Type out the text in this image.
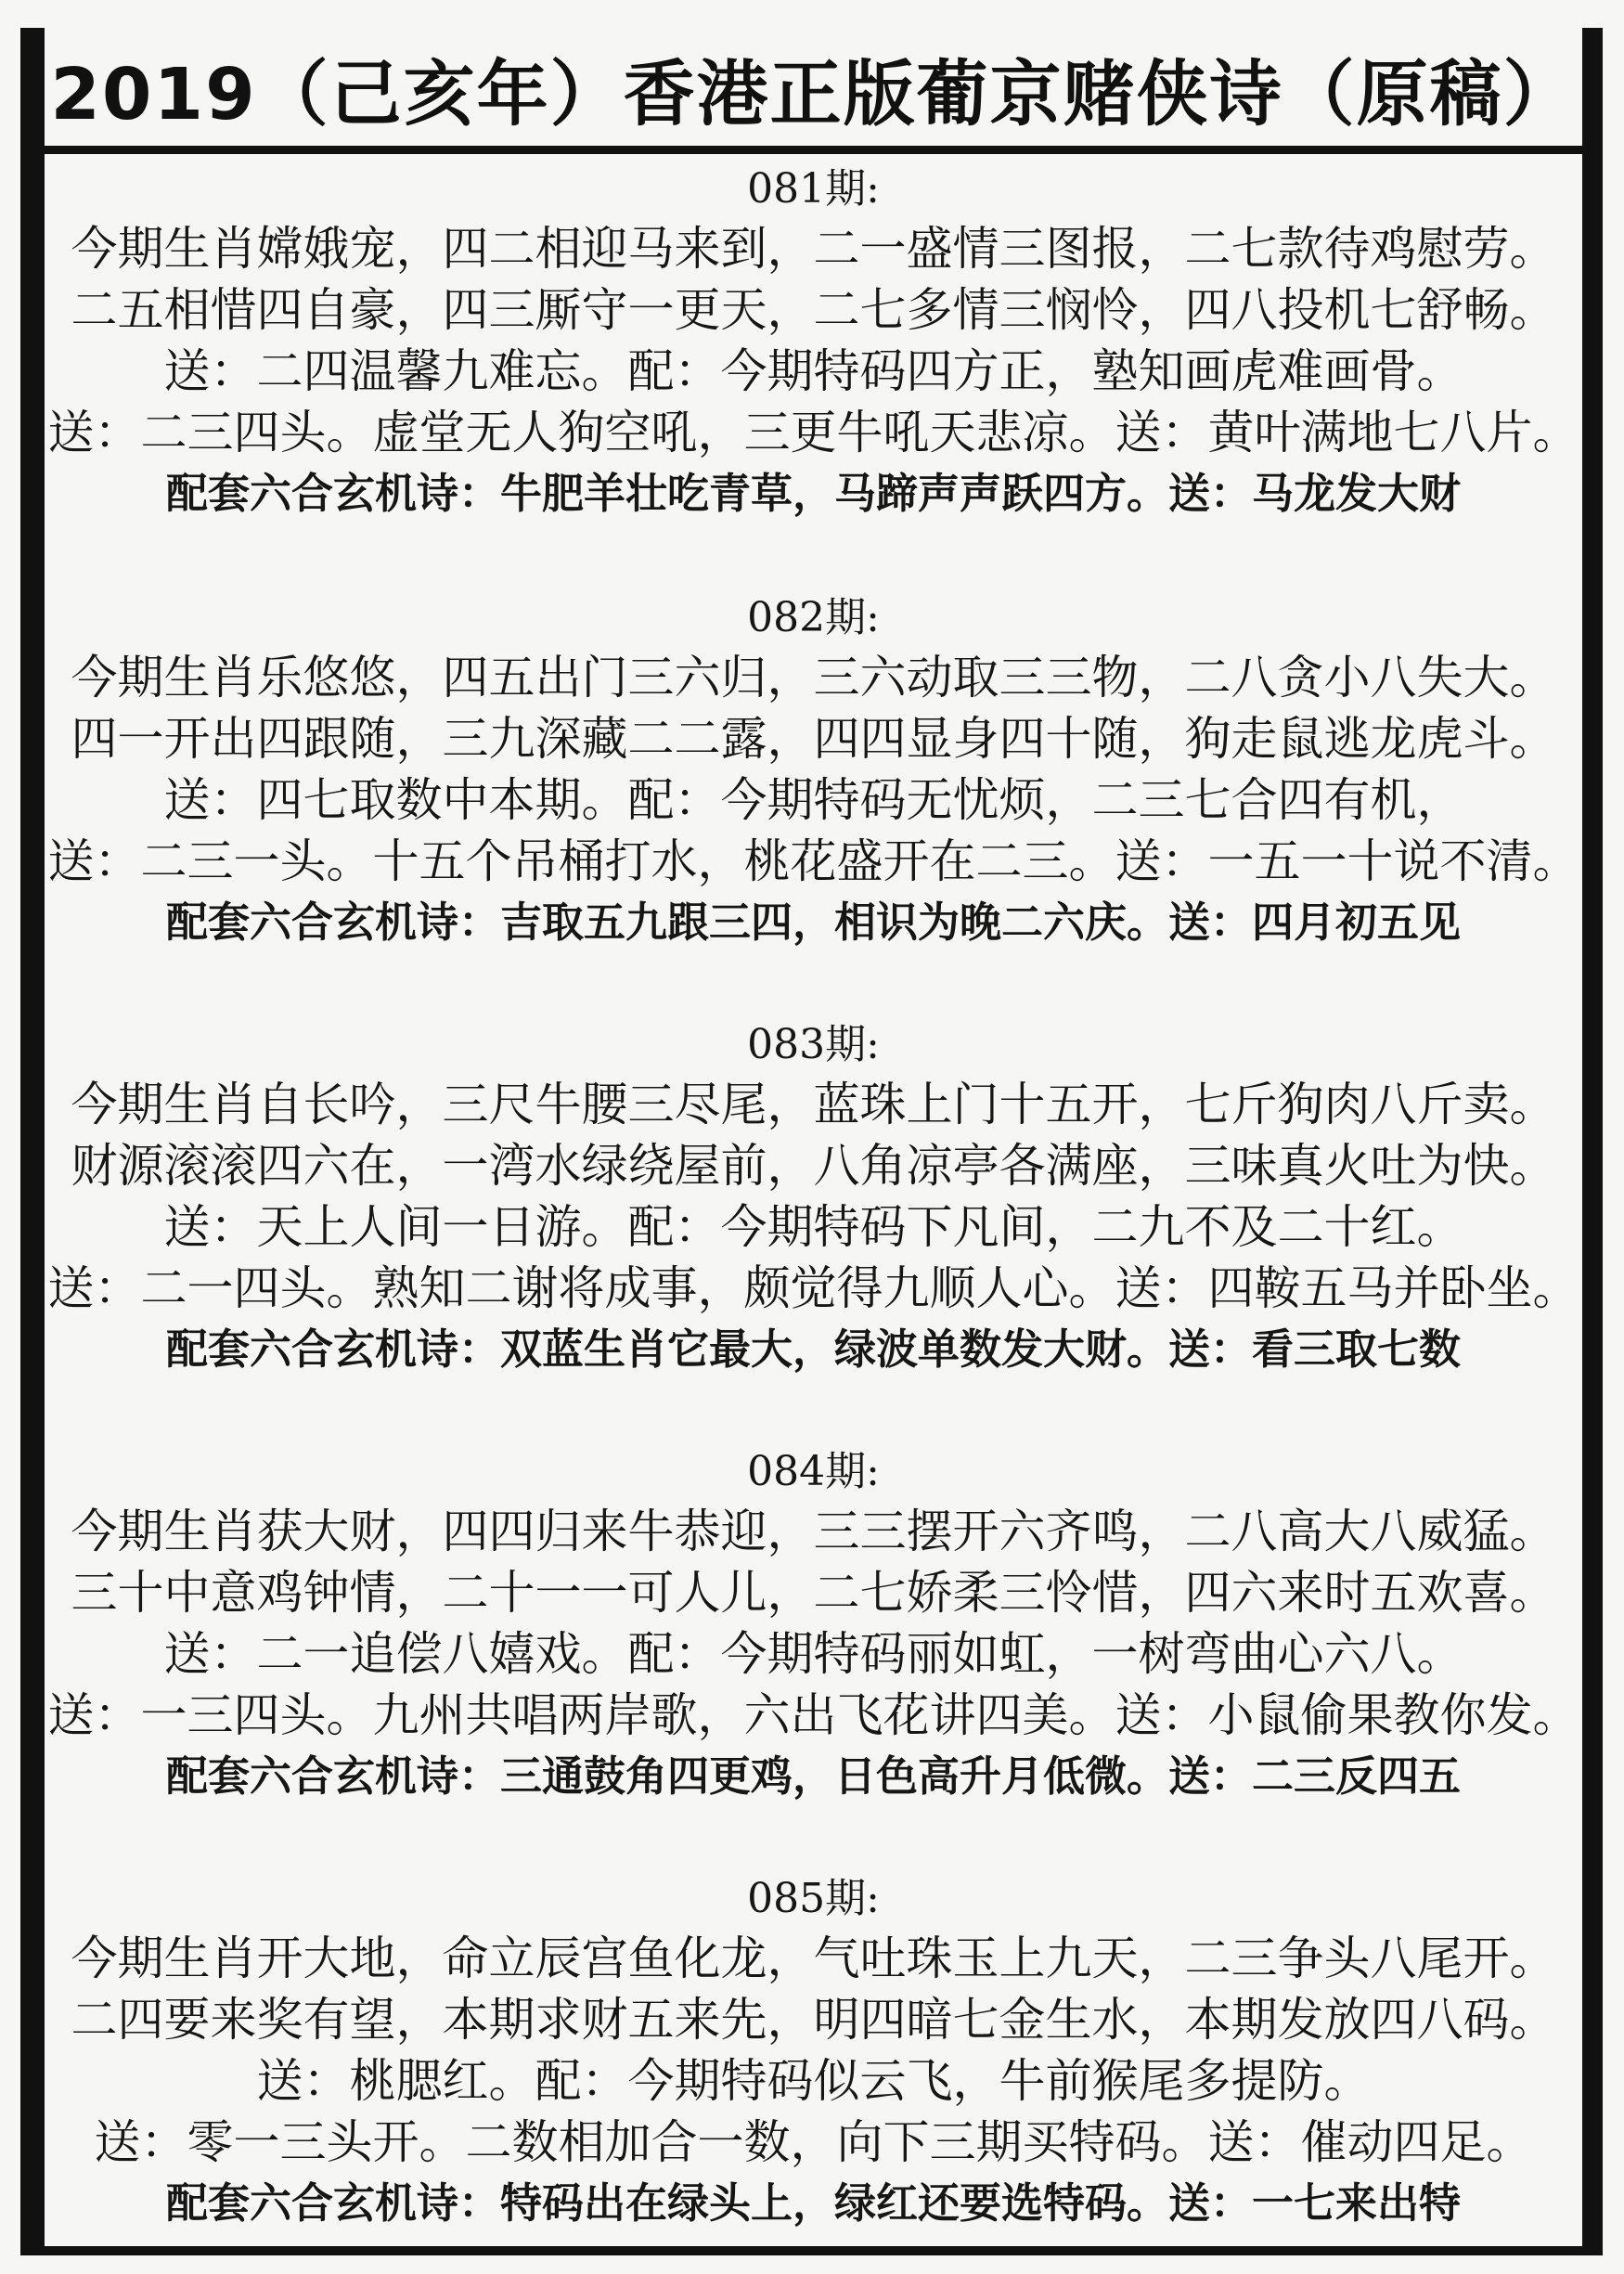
2019（己亥年）香港正版葡京赌侠诗（原稿）
081期:
今期生肖嫦娥宠，四二相迎马来到，二一盛情三图报，二七款待鸡慰劳。
二五相惜四自豪，四三厮守一更天，二七多情三悯怜，四八投机七舒畅。
送：二四温馨九难忘。配：今期特码四方正，塾知画虎难画骨。
送：二三四头。虚堂无人狗空吼，三更牛吼天悲凉。送：黄叶满地七八片。
配套六合玄机诗：牛肥羊壮吃青草，马蹄声声跃四方。送：马龙发大财
082期:
今期生肖乐悠悠，四五出门三六归，三六动取三三物，二八贪小八失大。
四一开出四跟随，三九深藏二二露，四四显身四十随，狗走鼠逃龙虎斗。
送：四七取数中本期。配：今期特码无忧烦，二三七合四有机，
送：二三一头。十五个吊桶打水，桃花盛开在二三。送：一五一十说不清。
配套六合玄机诗：吉取五九跟三四，相识为晚二六庆。送：四月初五见
083期:
今期生肖自长吟，三尺牛腰三尽尾，蓝珠上门十五开，七斤狗肉八斤卖。
财源滚滚四六在，一湾水绿绕屋前，八角凉亭各满座，三味真火吐为快。
送：天上人间一日游。配：今期特码下凡间，二九不及二十红。
送：二一四头。熟知二谢将成事，颇觉得九顺人心。送：四鞍五马并卧坐。
配套六合玄机诗：双蓝生肖它最大，绿波单数发大财。送：看三取七数
084期:
今期生肖获大财，四四归来牛恭迎，三三摆开六齐鸣，二八高大八威猛。
三十中意鸡钟情，二十一一可人儿，二七娇柔三怜惜，四六来时五欢喜。
送：二一追偿八嬉戏。配：今期特码丽如虹，一树弯曲心六八。
送：一三四头。九州共唱两岸歌，六出飞花讲四美。送：小鼠偷果教你发。
配套六合玄机诗：三通鼓角四更鸡，日色高升月低微。送：二三反四五
085期:
今期生肖开大地，命立辰宫鱼化龙，气吐珠玉上九天，二三争头八尾开。
二四要来奖有望，本期求财五来先，明四暗七金生水，本期发放四八码。
送：桃腮红。配：今期特码似云飞，牛前猴尾多提防。
送：零一三头开。二数相加合一数，向下三期买特码。送：催动四足。
配套六合玄机诗：特码出在绿头上，绿红还要选特码。送：一七来出特
